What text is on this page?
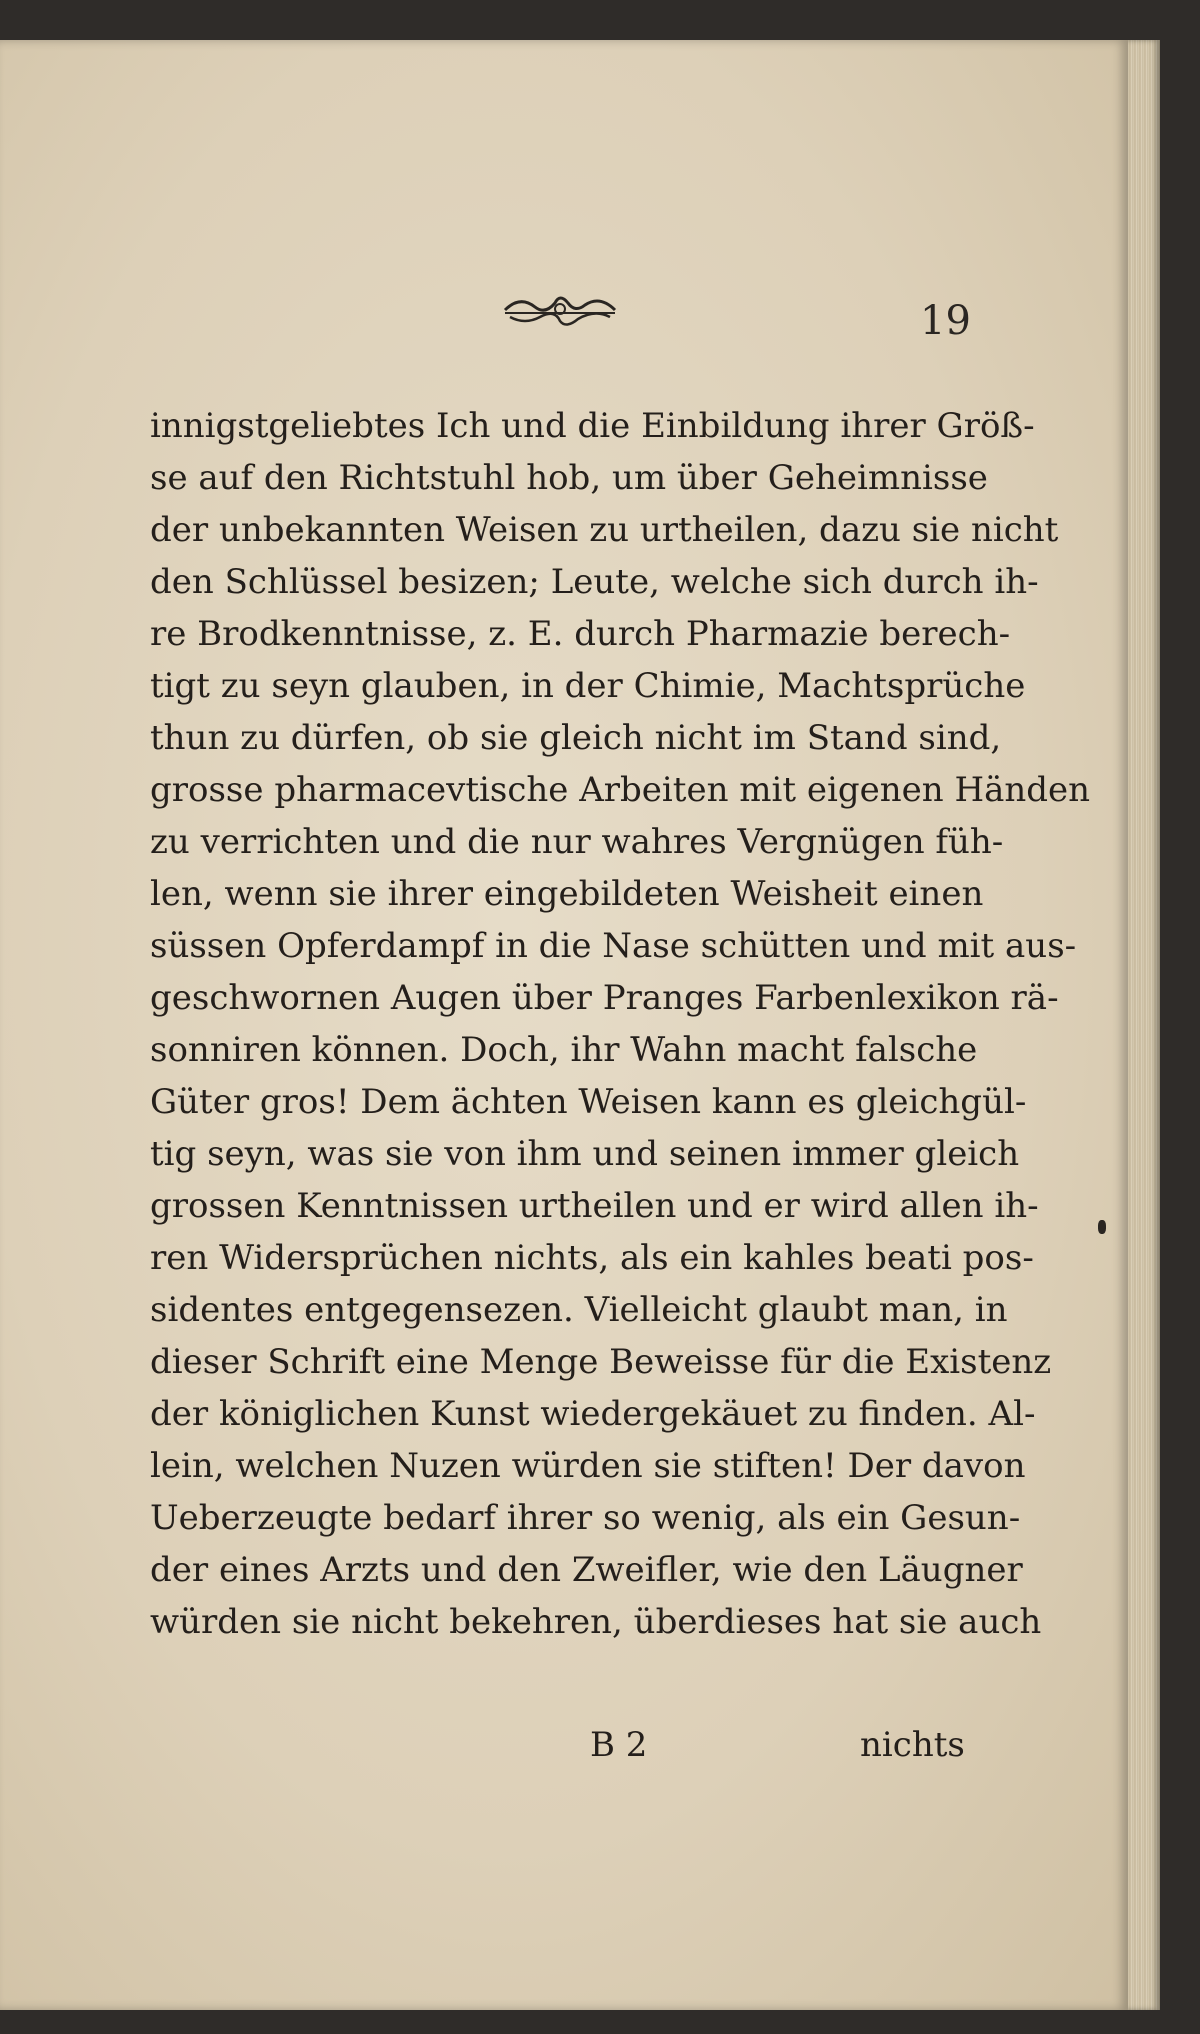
19

innigstgeliebtes Ich und die Einbildung ihrer Größ-
se auf den Richtstuhl hob, um über Geheimnisse
der unbekannten Weisen zu urtheilen, dazu sie nicht
den Schlüssel besizen; Leute, welche sich durch ih-
re Brodkenntnisse, z. E. durch Pharmazie berech-
tigt zu seyn glauben, in der Chimie, Machtsprüche
thun zu dürfen, ob sie gleich nicht im Stand sind,
grosse pharmacevtische Arbeiten mit eigenen Händen
zu verrichten und die nur wahres Vergnügen füh-
len, wenn sie ihrer eingebildeten Weisheit einen
süssen Opferdampf in die Nase schütten und mit aus-
geschwornen Augen über Pranges Farbenlexikon rä-
sonniren können. Doch, ihr Wahn macht falsche
Güter gros! Dem ächten Weisen kann es gleichgül-
tig seyn, was sie von ihm und seinen immer gleich
grossen Kenntnissen urtheilen und er wird allen ih-
ren Widersprüchen nichts, als ein kahles beati pos-
sidentes entgegensezen. Vielleicht glaubt man, in
dieser Schrift eine Menge Beweisse für die Existenz
der königlichen Kunst wiedergekäuet zu finden. Al-
lein, welchen Nuzen würden sie stiften! Der davon
Ueberzeugte bedarf ihrer so wenig, als ein Gesun-
der eines Arzts und den Zweifler, wie den Läugner
würden sie nicht bekehren, überdieses hat sie auch

B 2	nichts
